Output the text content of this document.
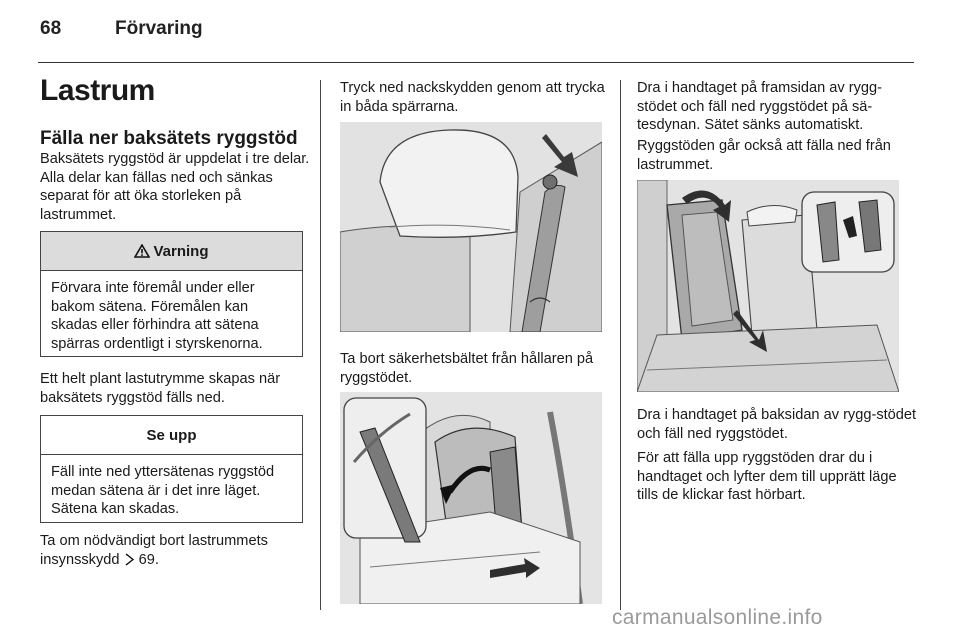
68	Förvaring
Lastrum
Fälla ner baksätets ryggstöd

Baksätets ryggstöd är uppdelat i tre delar. Alla delar kan fällas ned och sänkas separat för att öka storleken på lastrummet.

Varning
Förvara inte föremål under eller bakom sätena. Föremålen kan skadas eller förhindra att sätena spärras ordentligt i styrskenorna.

Ett helt plant lastutrymme skapas när baksätets ryggstöd fälls ned.

Se upp
Fäll inte ned yttersätenas ryggstöd medan sätena är i det inre läget. Sätena kan skadas.

Ta om nödvändigt bort lastrummets insynsskydd 69.

Tryck ned nackskydden genom att trycka in båda spärrarna.

Ta bort säkerhetsbältet från hållaren på ryggstödet.

Dra i handtaget på framsidan av rygg-stödet och fäll ned ryggstödet på sä-tesdynan. Sätet sänks automatiskt.

Ryggstöden går också att fälla ned från lastrummet.

Dra i handtaget på baksidan av rygg-stödet och fäll ned ryggstödet.

För att fälla upp ryggstöden drar du i handtaget och lyfter dem till upprätt läge tills de klickar fast hörbart.

carmanualsonline.info
